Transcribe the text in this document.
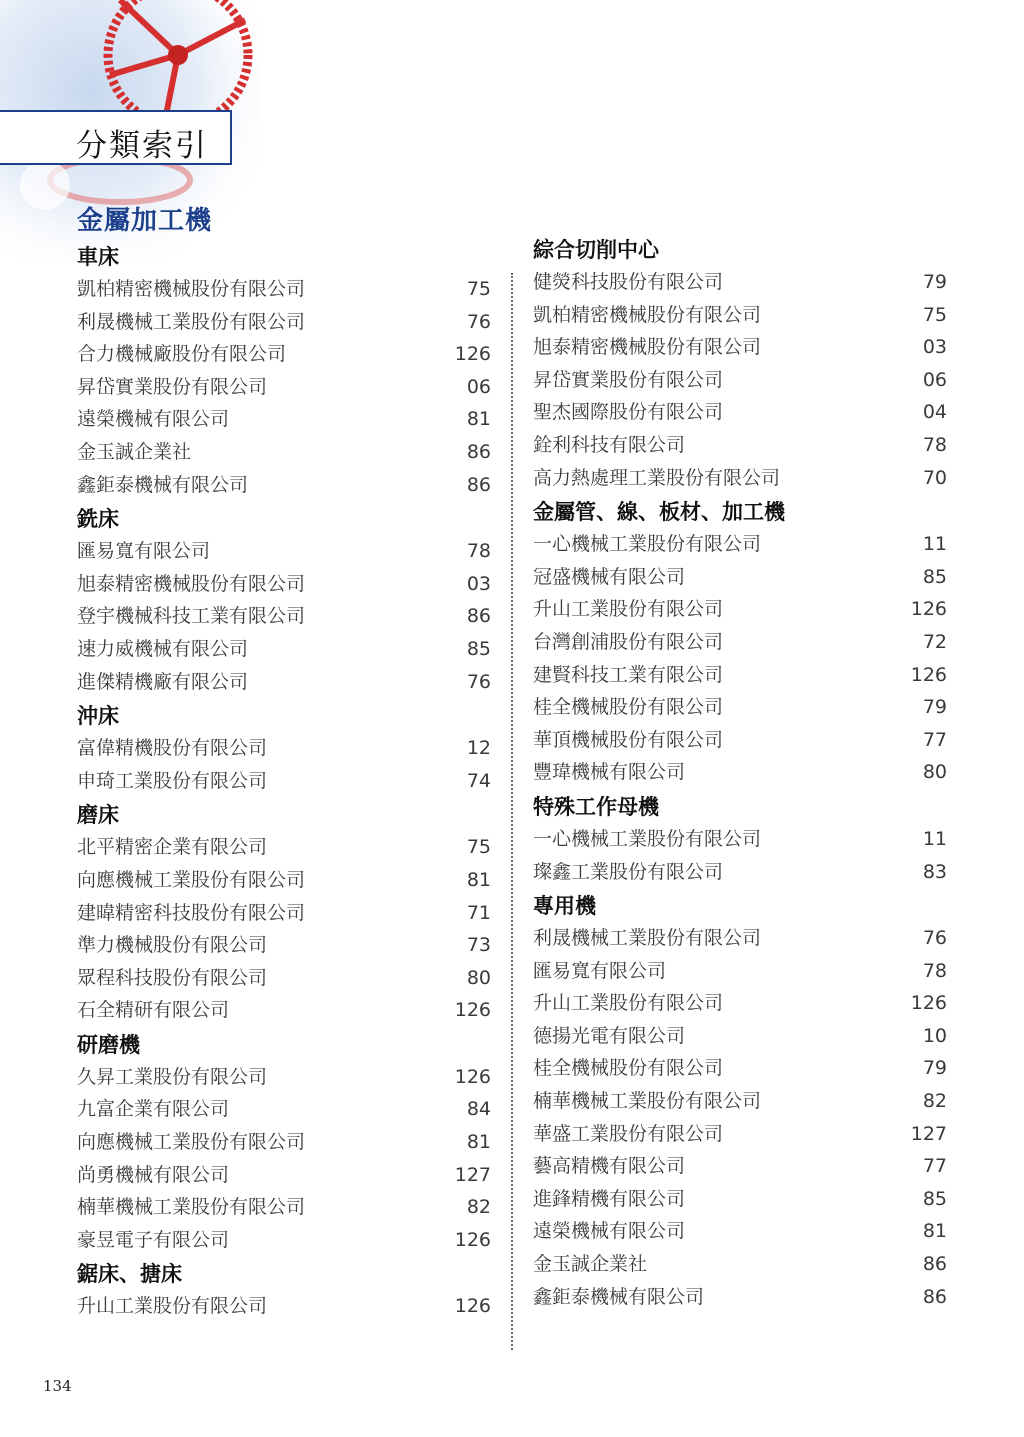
分類索引
金屬加工機
車床
凱柏精密機械股份有限公司	75
利晟機械工業股份有限公司	76
合力機械廠股份有限公司	126
昇岱實業股份有限公司	06
遠榮機械有限公司	81
金玉誠企業社	86
鑫鉅泰機械有限公司	86
銑床
匯易寬有限公司	78
旭泰精密機械股份有限公司	03
登宇機械科技工業有限公司	86
速力威機械有限公司	85
進傑精機廠有限公司	76
沖床
富偉精機股份有限公司	12
申琦工業股份有限公司	74
磨床
北平精密企業有限公司	75
向應機械工業股份有限公司	81
建暐精密科技股份有限公司	71
準力機械股份有限公司	73
眾程科技股份有限公司	80
石全精研有限公司	126
研磨機
久昇工業股份有限公司	126
九富企業有限公司	84
向應機械工業股份有限公司	81
尚勇機械有限公司	127
楠華機械工業股份有限公司	82
豪昱電子有限公司	126
鋸床、搪床
升山工業股份有限公司	126
綜合切削中心
健熒科技股份有限公司	79
凱柏精密機械股份有限公司	75
旭泰精密機械股份有限公司	03
昇岱實業股份有限公司	06
聖杰國際股份有限公司	04
銓利科技有限公司	78
高力熱處理工業股份有限公司	70
金屬管、線、板材、加工機
一心機械工業股份有限公司	11
冠盛機械有限公司	85
升山工業股份有限公司	126
台灣創浦股份有限公司	72
建賢科技工業有限公司	126
桂全機械股份有限公司	79
華頂機械股份有限公司	77
豐瑋機械有限公司	80
特殊工作母機
一心機械工業股份有限公司	11
璨鑫工業股份有限公司	83
專用機
利晟機械工業股份有限公司	76
匯易寬有限公司	78
升山工業股份有限公司	126
德揚光電有限公司	10
桂全機械股份有限公司	79
楠華機械工業股份有限公司	82
華盛工業股份有限公司	127
藝高精機有限公司	77
進鋒精機有限公司	85
遠榮機械有限公司	81
金玉誠企業社	86
鑫鉅泰機械有限公司	86
134
